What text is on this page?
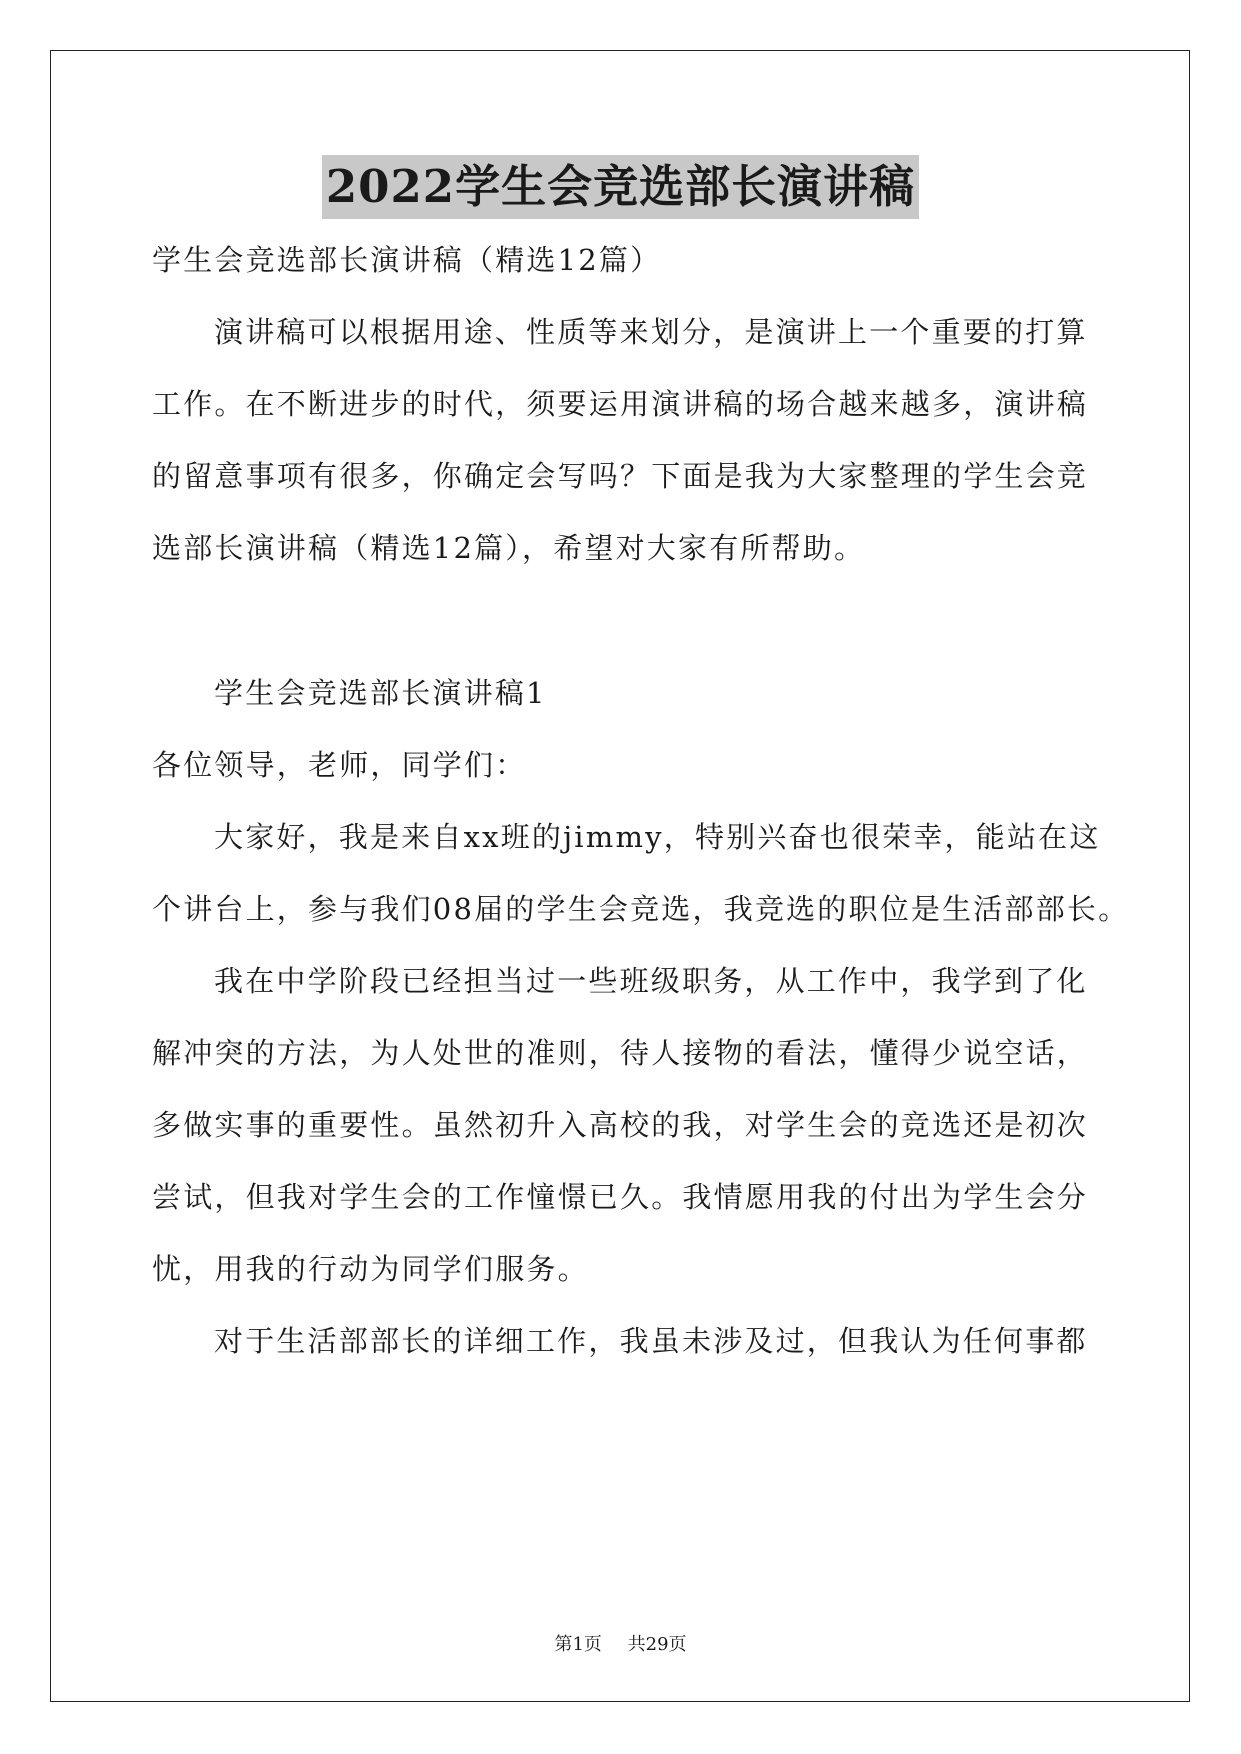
2022学生会竞选部长演讲稿
学生会竞选部长演讲稿（精选12篇）
演讲稿可以根据用途、性质等来划分，是演讲上一个重要的打算
工作。在不断进步的时代，须要运用演讲稿的场合越来越多，演讲稿
的留意事项有很多，你确定会写吗？下面是我为大家整理的学生会竞
选部长演讲稿（精选12篇），希望对大家有所帮助。
学生会竞选部长演讲稿1
各位领导，老师，同学们：
大家好，我是来自xx班的jimmy，特别兴奋也很荣幸，能站在这
个讲台上，参与我们08届的学生会竞选，我竞选的职位是生活部部长。
我在中学阶段已经担当过一些班级职务，从工作中，我学到了化
解冲突的方法，为人处世的准则，待人接物的看法，懂得少说空话，
多做实事的重要性。虽然初升入高校的我，对学生会的竞选还是初次
尝试，但我对学生会的工作憧憬已久。我情愿用我的付出为学生会分
忧，用我的行动为同学们服务。
对于生活部部长的详细工作，我虽未涉及过，但我认为任何事都
第1页 共29页
